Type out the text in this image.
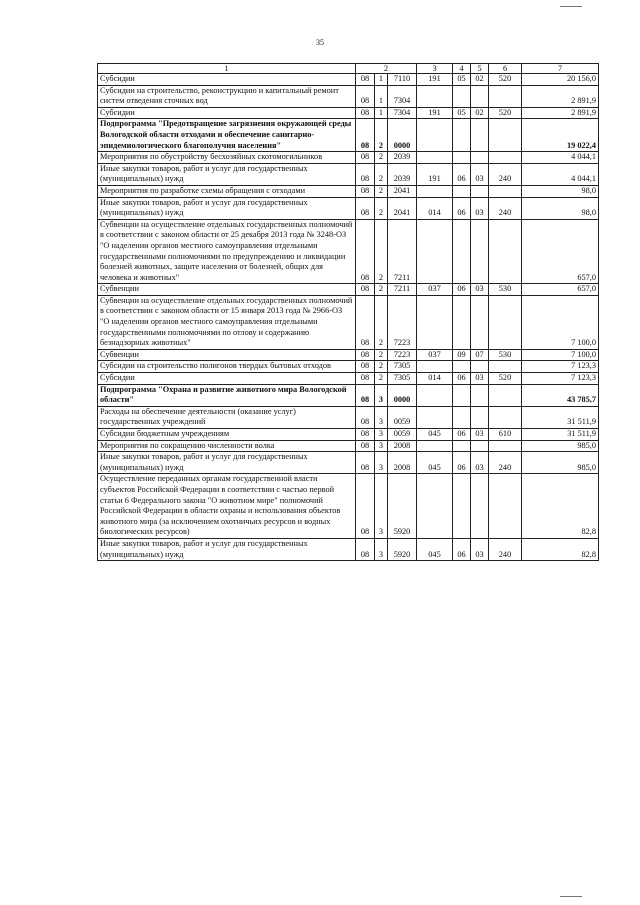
35
1	2			3	4	5	6	7
Субсидии	08	1	7110	191	05	02	520	20 156,0
Субсидии на строительство, реконструкцию и капитальный ремонт систем отведения сточных вод	08	1	7304					2 891,9
Субсидии	08	1	7304	191	05	02	520	2 891,9
Подпрограмма "Предотвращение загрязнения окружающей среды Вологодской области отходами и обеспечение санитарно-эпидемиологического благополучия населения"	08	2	0000					19 022,4
Мероприятия по обустройству бесхозяйных скотомогильников	08	2	2039					4 044,1
Иные закупки товаров, работ и услуг для государственных (муниципальных) нужд	08	2	2039	191	06	03	240	4 044,1
Мероприятия по разработке схемы обращения с отходами	08	2	2041					98,0
Иные закупки товаров, работ и услуг для государственных (муниципальных) нужд	08	2	2041	014	06	03	240	98,0
Субвенции на осуществление отдельных государственных полномочий в соответствии с законом области от 25 декабря 2013 года № 3248-ОЗ "О наделении органов местного самоуправления отдельными государственными полномочиями по предупреждению и ликвидации болезней животных, защите населения от болезней, общих для человека и животных"	08	2	7211					657,0
Субвенции	08	2	7211	037	06	03	530	657,0
Субвенции на осуществление отдельных государственных полномочий в соответствии с законом области от 15 января 2013 года № 2966-ОЗ "О наделении органов местного самоуправления отдельными государственными полномочиями по отлову и содержанию безнадзорных животных"	08	2	7223					7 100,0
Субвенции	08	2	7223	037	09	07	530	7 100,0
Субсидии на строительство полигонов твердых бытовых отходов	08	2	7305					7 123,3
Субсидии	08	2	7305	014	06	03	520	7 123,3
Подпрограмма "Охрана и развитие животного мира Вологодской области"	08	3	0000					43 785,7
Расходы на обеспечение деятельности (оказание услуг) государственных учреждений	08	3	0059					31 511,9
Субсидии бюджетным учреждениям	08	3	0059	045	06	03	610	31 511,9
Мероприятия по сокращению численности волка	08	3	2008					985,0
Иные закупки товаров, работ и услуг для государственных (муниципальных) нужд	08	3	2008	045	06	03	240	985,0
Осуществление переданных органам государственной власти субъектов Российской Федерации в соответствии с частью первой статьи 6 Федерального закона "О животном мире" полномочий Российской Федерации в области охраны и использования объектов животного мира (за исключением охотничьих ресурсов и водных биологических ресурсов)	08	3	5920					82,8
Иные закупки товаров, работ и услуг для государственных (муниципальных) нужд	08	3	5920	045	06	03	240	82,8
